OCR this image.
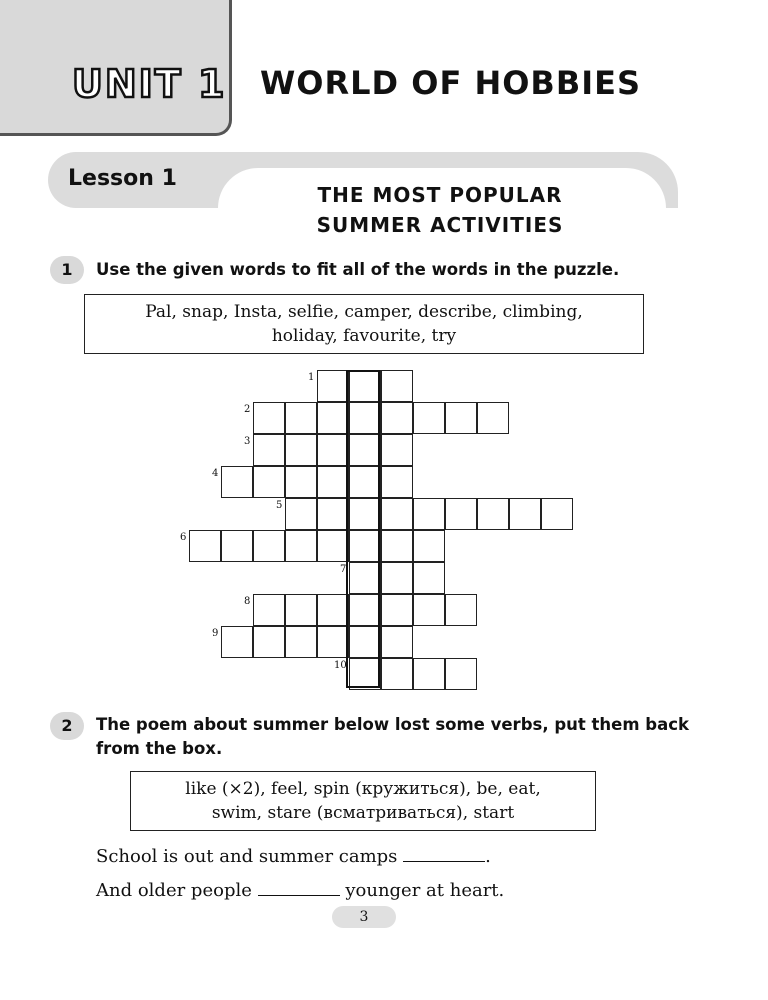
UNIT 1 WORLD OF HOBBIES
Lesson 1
THE MOST POPULAR
SUMMER ACTIVITIES
1	Use the given words to fit all of the words in the puzzle.
Pal, snap, Insta, selfie, camper, describe, climbing,
holiday, favourite, try
1
2
3
4
5
6
7
8
9
10
2	The poem about summer below lost some verbs, put them back
from the box.
like (×2), feel, spin (кружиться), be, eat,
swim, stare (всматриваться), start
School is out and summer camps	.
And older people	younger at heart.
3
